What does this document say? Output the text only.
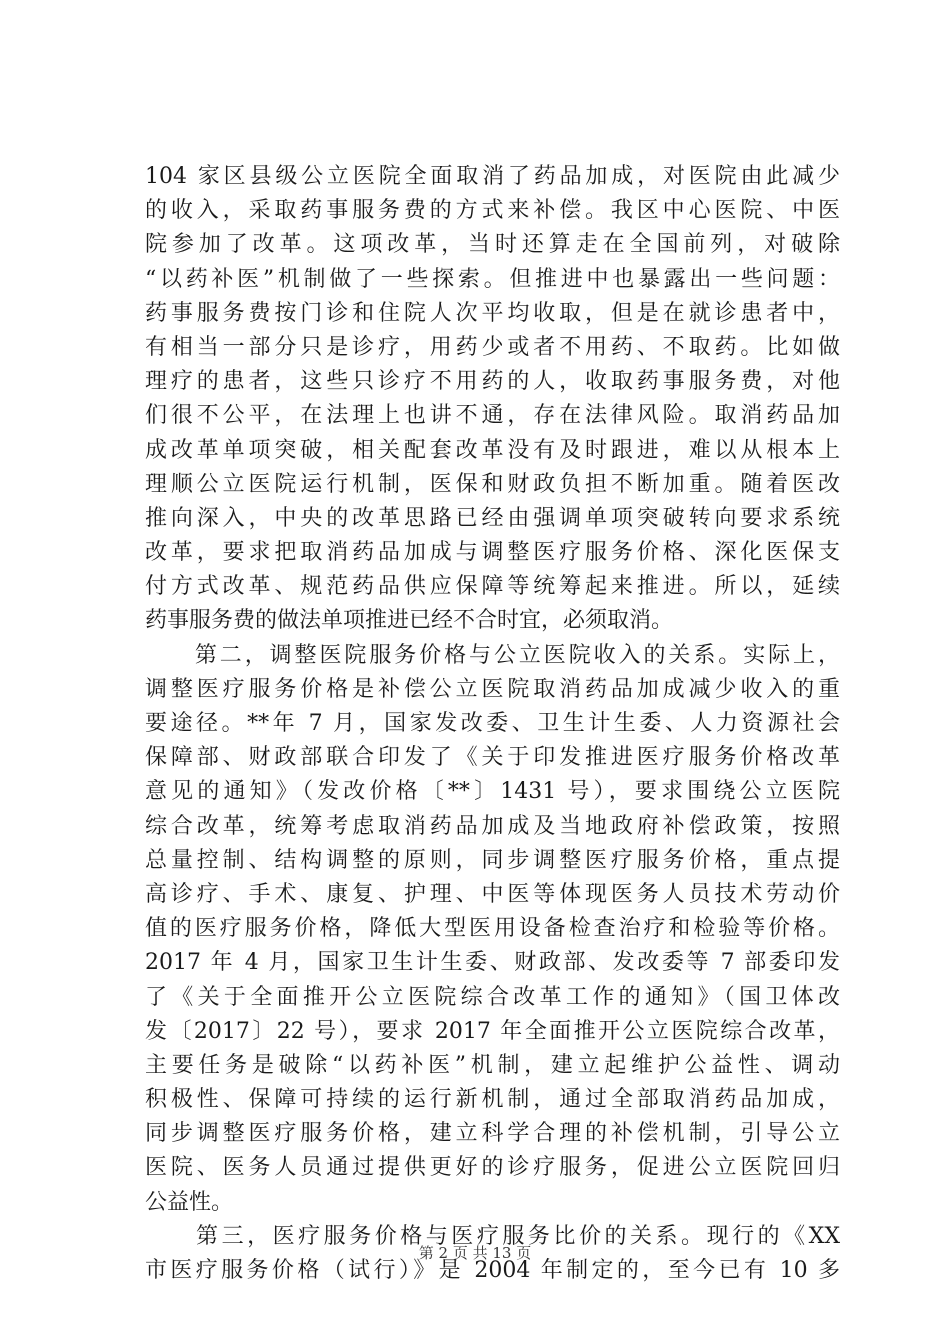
104 家区县级公立医院全面取消了药品加成，对医院由此减少
的收入，采取药事服务费的方式来补偿。我区中心医院、中医
院参加了改革。这项改革，当时还算走在全国前列，对破除
“以药补医”机制做了一些探索。但推进中也暴露出一些问题：
药事服务费按门诊和住院人次平均收取，但是在就诊患者中，
有相当一部分只是诊疗，用药少或者不用药、不取药。比如做
理疗的患者，这些只诊疗不用药的人，收取药事服务费，对他
们很不公平，在法理上也讲不通，存在法律风险。取消药品加
成改革单项突破，相关配套改革没有及时跟进，难以从根本上
理顺公立医院运行机制，医保和财政负担不断加重。随着医改
推向深入，中央的改革思路已经由强调单项突破转向要求系统
改革，要求把取消药品加成与调整医疗服务价格、深化医保支
付方式改革、规范药品供应保障等统筹起来推进。所以，延续
药事服务费的做法单项推进已经不合时宜，必须取消。
　　第二，调整医院服务价格与公立医院收入的关系。实际上，
调整医疗服务价格是补偿公立医院取消药品加成减少收入的重
要途径。**年 7 月，国家发改委、卫生计生委、人力资源社会
保障部、财政部联合印发了《关于印发推进医疗服务价格改革
意见的通知》（发改价格〔**〕1431 号），要求围绕公立医院
综合改革，统筹考虑取消药品加成及当地政府补偿政策，按照
总量控制、结构调整的原则，同步调整医疗服务价格，重点提
高诊疗、手术、康复、护理、中医等体现医务人员技术劳动价
值的医疗服务价格，降低大型医用设备检查治疗和检验等价格。
2017 年 4 月，国家卫生计生委、财政部、发改委等 7 部委印发
了《关于全面推开公立医院综合改革工作的通知》（国卫体改
发〔2017〕22 号），要求 2017 年全面推开公立医院综合改革，
主要任务是破除“以药补医”机制，建立起维护公益性、调动
积极性、保障可持续的运行新机制，通过全部取消药品加成，
同步调整医疗服务价格，建立科学合理的补偿机制，引导公立
医院、医务人员通过提供更好的诊疗服务，促进公立医院回归
公益性。
　　第三，医疗服务价格与医疗服务比价的关系。现行的《XX
市医疗服务价格（试行）》是 2004 年制定的，至今已有 10 多
第 2 页 共 13 页
